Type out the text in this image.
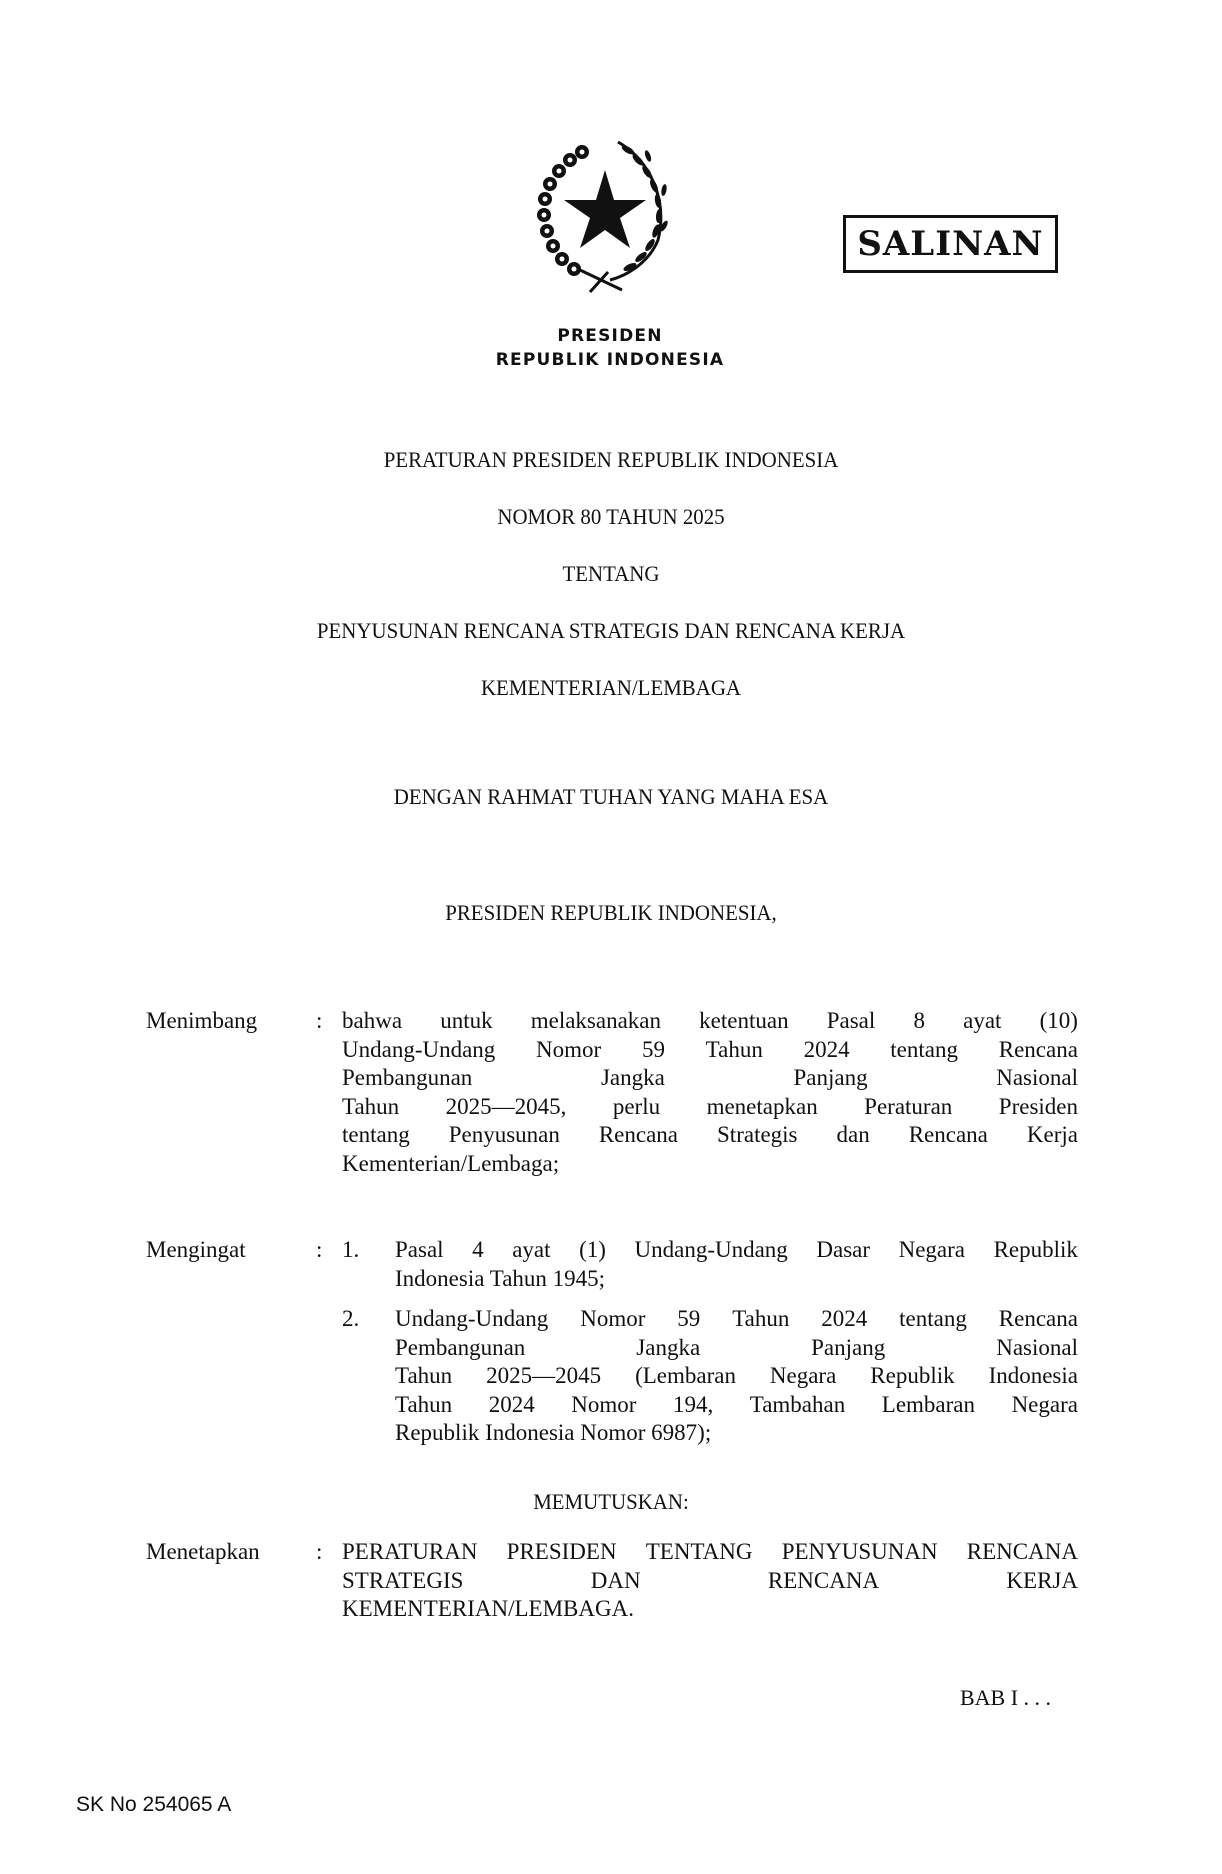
PRESIDEN
REPUBLIK INDONESIA
SALINAN
PERATURAN PRESIDEN REPUBLIK INDONESIA
NOMOR 80 TAHUN 2025
TENTANG
PENYUSUNAN RENCANA STRATEGIS DAN RENCANA KERJA
KEMENTERIAN/LEMBAGA
DENGAN RAHMAT TUHAN YANG MAHA ESA
PRESIDEN REPUBLIK INDONESIA,
Menimbang	: bahwa untuk melaksanakan ketentuan Pasal 8 ayat (10)
Undang-Undang Nomor 59 Tahun 2024 tentang Rencana
Pembangunan	Jangka	Panjang	Nasional
Tahun 2025—2045, perlu menetapkan Peraturan Presiden
tentang Penyusunan Rencana Strategis dan Rencana Kerja
Kementerian/Lembaga;
Mengingat	: 1. Pasal 4 ayat (1) Undang-Undang Dasar Negara Republik
Indonesia Tahun 1945;
2. Undang-Undang Nomor 59 Tahun 2024 tentang Rencana
Pembangunan	Jangka	Panjang	Nasional
Tahun 2025—2045 (Lembaran Negara Republik Indonesia
Tahun 2024 Nomor 194, Tambahan Lembaran Negara
Republik Indonesia Nomor 6987);
MEMUTUSKAN:
Menetapkan : PERATURAN PRESIDEN TENTANG PENYUSUNAN RENCANA
STRATEGIS	DAN	RENCANA	KERJA
KEMENTERIAN/LEMBAGA.
BAB I . . .
SK No 254065 A
